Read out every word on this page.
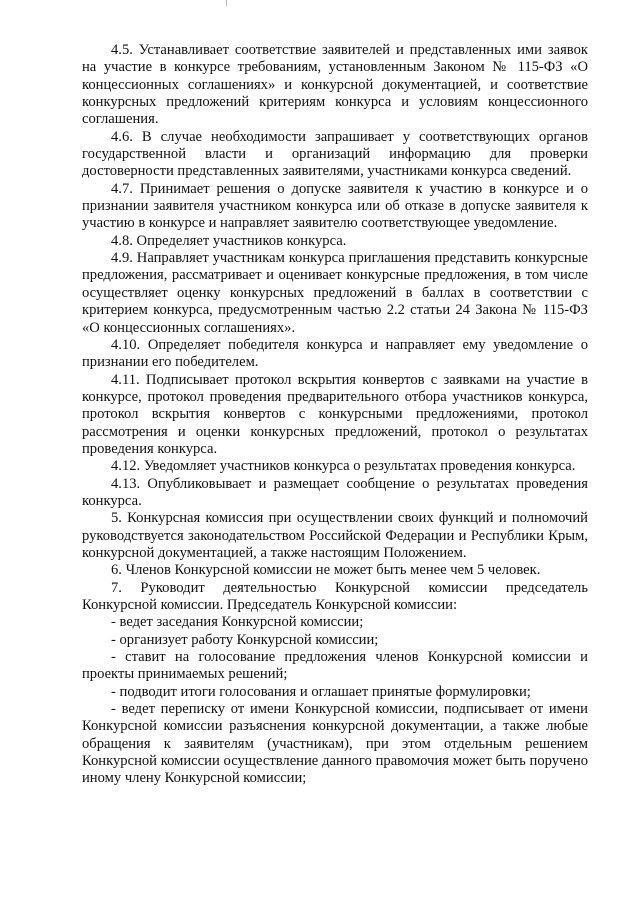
4.5. Устанавливает соответствие заявителей и представленных ими заявок на участие в конкурсе требованиям, установленным Законом № 115-ФЗ «О концессионных соглашениях» и конкурсной документацией, и соответствие конкурсных предложений критериям конкурса и условиям концессионного соглашения.

4.6. В случае необходимости запрашивает у соответствующих органов государственной власти и организаций информацию для проверки достоверности представленных заявителями, участниками конкурса сведений.

4.7. Принимает решения о допуске заявителя к участию в конкурсе и о признании заявителя участником конкурса или об отказе в допуске заявителя к участию в конкурсе и направляет заявителю соответствующее уведомление.

4.8. Определяет участников конкурса.

4.9. Направляет участникам конкурса приглашения представить конкурсные предложения, рассматривает и оценивает конкурсные предложения, в том числе осуществляет оценку конкурсных предложений в баллах в соответствии с критерием конкурса, предусмотренным частью 2.2 статьи 24 Закона № 115-ФЗ «О концессионных соглашениях».

4.10. Определяет победителя конкурса и направляет ему уведомление о признании его победителем.

4.11. Подписывает протокол вскрытия конвертов с заявками на участие в конкурсе, протокол проведения предварительного отбора участников конкурса, протокол вскрытия конвертов с конкурсными предложениями, протокол рассмотрения и оценки конкурсных предложений, протокол о результатах проведения конкурса.

4.12. Уведомляет участников конкурса о результатах проведения конкурса.

4.13. Опубликовывает и размещает сообщение о результатах проведения конкурса.

5. Конкурсная комиссия при осуществлении своих функций и полномочий руководствуется законодательством Российской Федерации и Республики Крым, конкурсной документацией, а также настоящим Положением.

6. Членов Конкурсной комиссии не может быть менее чем 5 человек.

7. Руководит деятельностью Конкурсной комиссии председатель Конкурсной комиссии. Председатель Конкурсной комиссии:

- ведет заседания Конкурсной комиссии;

- организует работу Конкурсной комиссии;

- ставит на голосование предложения членов Конкурсной комиссии и проекты принимаемых решений;

- подводит итоги голосования и оглашает принятые формулировки;

- ведет переписку от имени Конкурсной комиссии, подписывает от имени Конкурсной комиссии разъяснения конкурсной документации, а также любые обращения к заявителям (участникам), при этом отдельным решением Конкурсной комиссии осуществление данного правомочия может быть поручено иному члену Конкурсной комиссии;
